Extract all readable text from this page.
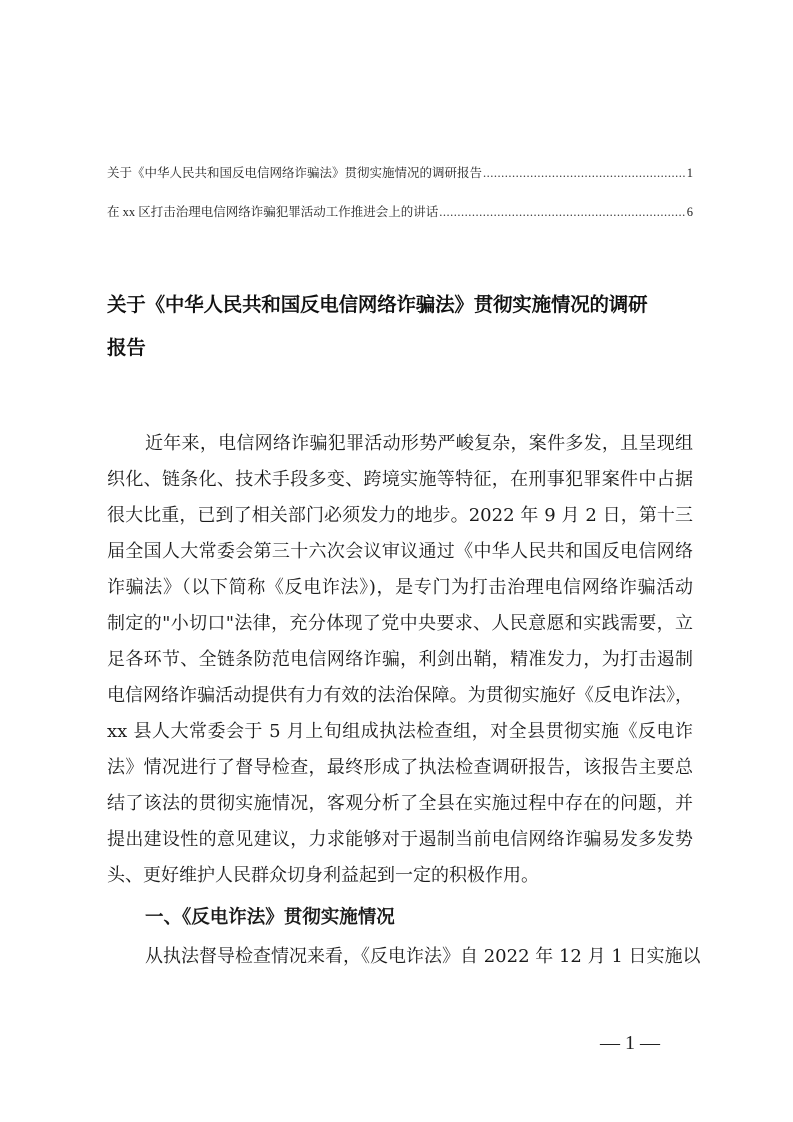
关于《中华人民共和国反电信网络诈骗法》贯彻实施情况的调研报告 .....	1
在 xx 区打击治理电信网络诈骗犯罪活动工作推进会上的讲话 .....	6
关于《中华人民共和国反电信网络诈骗法》贯彻实施情况的调研
报告
近年来，电信网络诈骗犯罪活动形势严峻复杂，案件多发，且呈现组
织化、链条化、技术手段多变、跨境实施等特征，在刑事犯罪案件中占据
很大比重，已到了相关部门必须发力的地步。2022 年 9 月 2 日，第十三
届全国人大常委会第三十六次会议审议通过《中华人民共和国反电信网络
诈骗法》（以下简称《反电诈法》)，是专门为打击治理电信网络诈骗活动
制定的"小切口"法律，充分体现了党中央要求、人民意愿和实践需要，立
足各环节、全链条防范电信网络诈骗，利剑出鞘，精准发力，为打击遏制
电信网络诈骗活动提供有力有效的法治保障。为贯彻实施好《反电诈法》，
xx 县人大常委会于 5 月上旬组成执法检查组，对全县贯彻实施《反电诈
法》情况进行了督导检查，最终形成了执法检查调研报告，该报告主要总
结了该法的贯彻实施情况，客观分析了全县在实施过程中存在的问题，并
提出建设性的意见建议，力求能够对于遏制当前电信网络诈骗易发多发势
头、更好维护人民群众切身利益起到一定的积极作用。
一、《反电诈法》贯彻实施情况
从执法督导检查情况来看，《反电诈法》自 2022 年 12 月 1 日实施以
— 1 —
